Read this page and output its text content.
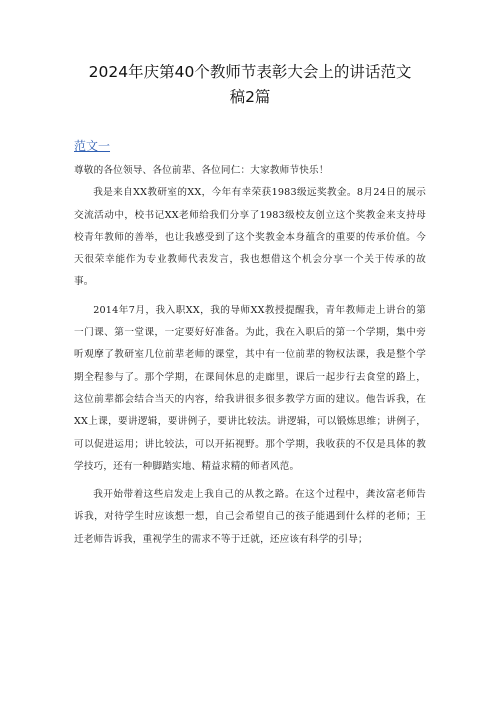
2024年庆第40个教师节表彰大会上的讲话范文
稿2篇
范文一

尊敬的各位领导、各位前辈、各位同仁：大家教师节快乐！

我是来自XX教研室的XX，今年有幸荣获1983级远奖教金。8月24日的展示交流活动中，校书记XX老师给我们分享了1983级校友创立这个奖教金来支持母校青年教师的善举，也让我感受到了这个奖教金本身蕴含的重要的传承价值。今天很荣幸能作为专业教师代表发言，我也想借这个机会分享一个关于传承的故事。

2014年7月，我入职XX，我的导师XX教授提醒我，青年教师走上讲台的第一门课、第一堂课，一定要好好准备。为此，我在入职后的第一个学期，集中旁听观摩了教研室几位前辈老师的课堂，其中有一位前辈的物权法课，我是整个学期全程参与了。那个学期，在课间休息的走廊里，课后一起步行去食堂的路上，这位前辈都会结合当天的内容，给我讲很多很多教学方面的建议。他告诉我，在XX上课，要讲逻辑，要讲例子，要讲比较法。讲逻辑，可以锻炼思维；讲例子，可以促进运用；讲比较法，可以开拓视野。那个学期，我收获的不仅是具体的教学技巧，还有一种脚踏实地、精益求精的师者风范。

我开始带着这些启发走上我自己的从教之路。在这个过程中，龚汝富老师告诉我，对待学生时应该想一想，自己会希望自己的孩子能遇到什么样的老师；王迁老师告诉我，重视学生的需求不等于迁就，还应该有科学的引导；
